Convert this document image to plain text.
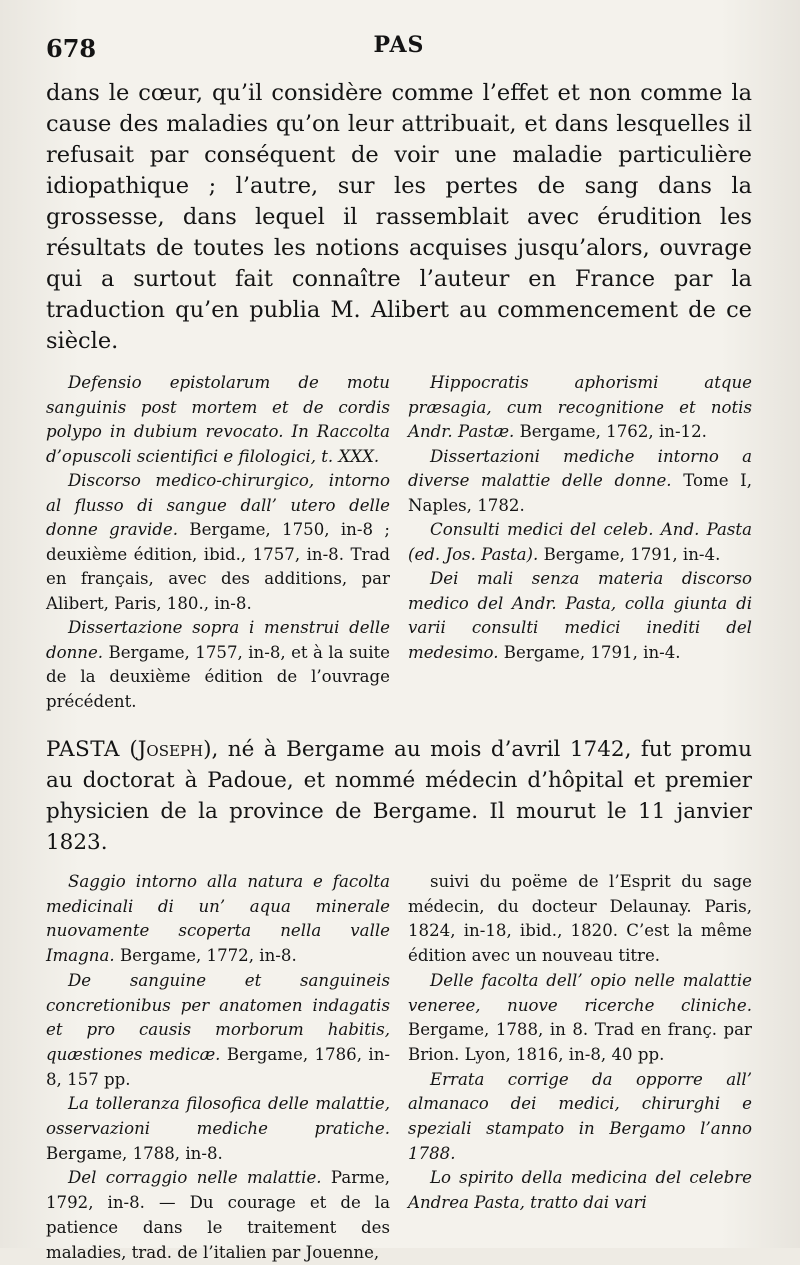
678	PAS

dans le cœur, qu’il considère comme l’effet et non comme la cause des maladies qu’on leur attribuait, et dans lesquelles il refusait par conséquent de voir une maladie particulière idiopathique ; l’autre, sur les pertes de sang dans la grossesse, dans lequel il rassemblait avec érudition les résultats de toutes les notions acquises jusqu’alors, ouvrage qui a surtout fait connaître l’auteur en France par la traduction qu’en publia M. Alibert au commencement de ce siècle.

Defensio epistolarum de motu sanguinis post mortem et de cordis polypo in dubium revocato. In Raccolta d’opuscoli scientifici e filologici, t. XXX.

Discorso medico-chirurgico, intorno al flusso di sangue dall’ utero delle donne gravide. Bergame, 1750, in-8 ; deuxième édition, ibid., 1757, in-8. Trad en français, avec des additions, par Alibert, Paris, 180., in-8.

Dissertazione sopra i menstrui delle donne. Bergame, 1757, in-8, et à la suite de la deuxième édition de l’ouvrage précédent.

Hippocratis aphorismi atque præsagia, cum recognitione et notis Andr. Pastæ. Bergame, 1762, in-12.

Dissertazioni mediche intorno a diverse malattie delle donne. Tome I, Naples, 1782.

Consulti medici del celeb. And. Pasta (ed. Jos. Pasta). Bergame, 1791, in-4.

Dei mali senza materia discorso medico del Andr. Pasta, colla giunta di varii consulti medici inediti del medesimo. Bergame, 1791, in-4.

PASTA (Joseph), né à Bergame au mois d’avril 1742, fut promu au doctorat à Padoue, et nommé médecin d’hôpital et premier physicien de la province de Bergame. Il mourut le 11 janvier 1823.

Saggio intorno alla natura e facolta medicinali di un’ aqua minerale nuovamente scoperta nella valle Imagna. Bergame, 1772, in-8.

De sanguine et sanguineis concretionibus per anatomen indagatis et pro causis morborum habitis, quæstiones medicæ. Bergame, 1786, in-8, 157 pp.

La tolleranza filosofica delle malattie, osservazioni mediche pratiche. Bergame, 1788, in-8.

Del corraggio nelle malattie. Parme, 1792, in-8. — Du courage et de la patience dans le traitement des maladies, trad. de l’italien par Jouenne,

suivi du poëme de l’Esprit du sage médecin, du docteur Delaunay. Paris, 1824, in-18, ibid., 1820. C’est la même édition avec un nouveau titre.

Delle facolta dell’ opio nelle malattie veneree, nuove ricerche cliniche. Bergame, 1788, in 8. Trad en franç. par Brion. Lyon, 1816, in-8, 40 pp.

Errata corrige da opporre all’ almanaco dei medici, chirurghi e speziali stampato in Bergamo l’anno 1788.

Lo spirito della medicina del celebre Andrea Pasta, tratto dai vari
